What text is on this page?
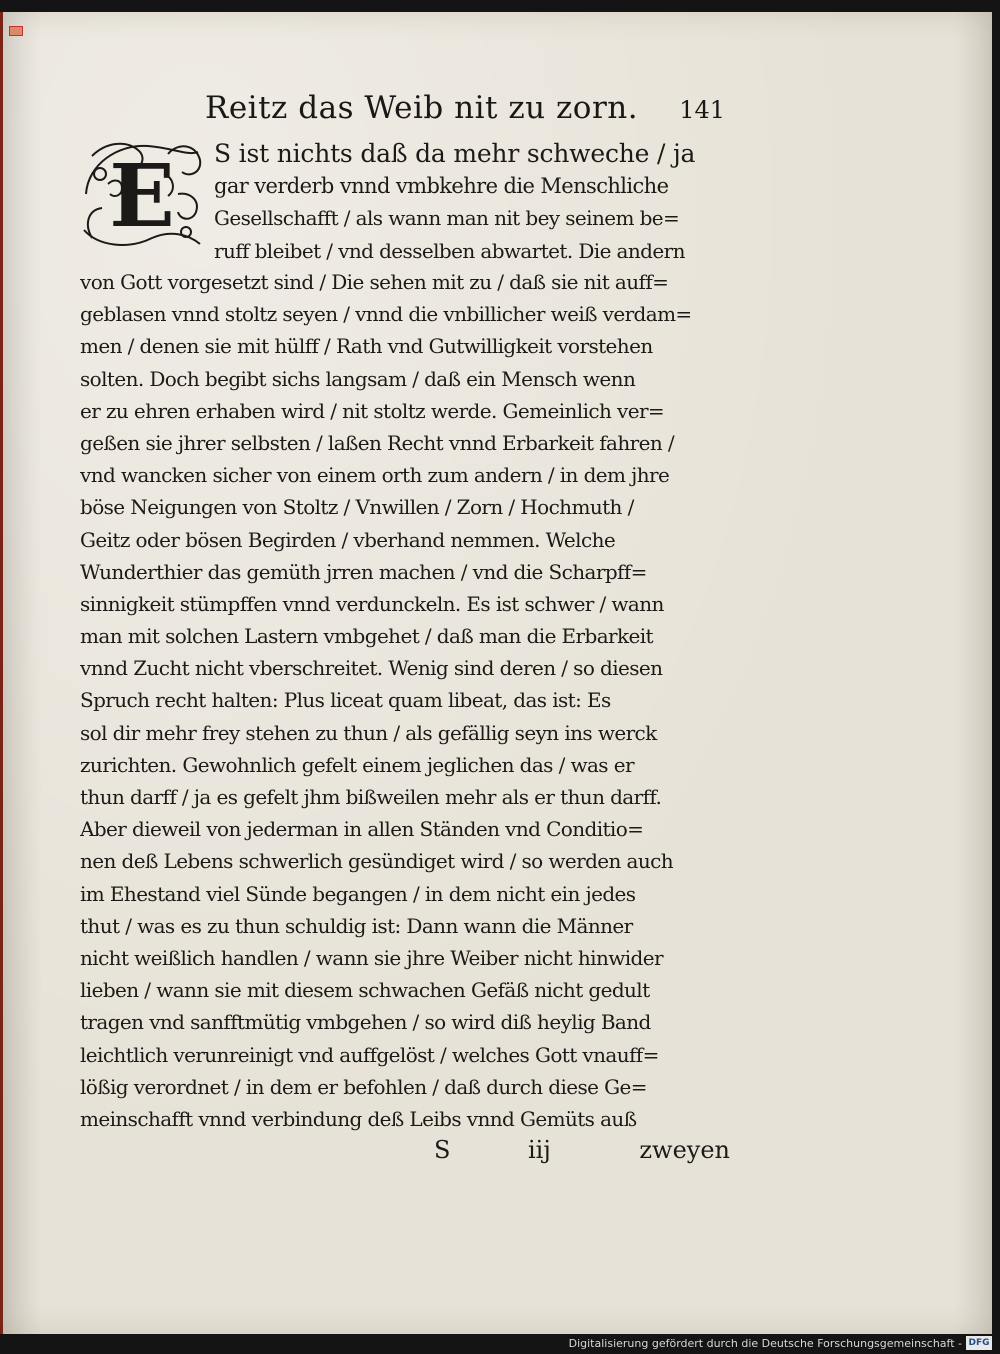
Reitz das Weib nit zu zorn. 141
E S ist nichts daß da mehr schweche / ja
gar verderb vnnd vmbkehre die Menschliche
Gesellschafft / als wann man nit bey seinem be=
ruff bleibet / vnd desselben abwartet. Die andern
von Gott vorgesetzt sind / Die sehen mit zu / daß sie nit auff=
geblasen vnnd stoltz seyen / vnnd die vnbillicher weiß verdam=
men / denen sie mit hülff / Rath vnd Gutwilligkeit vorstehen
solten. Doch begibt sichs langsam / daß ein Mensch wenn
er zu ehren erhaben wird / nit stoltz werde. Gemeinlich ver=
geßen sie jhrer selbsten / laßen Recht vnnd Erbarkeit fahren /
vnd wancken sicher von einem orth zum andern / in dem jhre
böse Neigungen von Stoltz / Vnwillen / Zorn / Hochmuth /
Geitz oder bösen Begirden / vberhand nemmen. Welche
Wunderthier das gemüth jrren machen / vnd die Scharpff=
sinnigkeit stümpffen vnnd verdunckeln. Es ist schwer / wann
man mit solchen Lastern vmbgehet / daß man die Erbarkeit
vnnd Zucht nicht vberschreitet. Wenig sind deren / so diesen
Spruch recht halten: Plus liceat quam libeat, das ist: Es
sol dir mehr frey stehen zu thun / als gefällig seyn ins werck
zurichten. Gewohnlich gefelt einem jeglichen das / was er
thun darff / ja es gefelt jhm bißweilen mehr als er thun darff.
Aber dieweil von jederman in allen Ständen vnd Conditio=
nen deß Lebens schwerlich gesündiget wird / so werden auch
im Ehestand viel Sünde begangen / in dem nicht ein jedes
thut / was es zu thun schuldig ist: Dann wann die Männer
nicht weißlich handlen / wann sie jhre Weiber nicht hinwider
lieben / wann sie mit diesem schwachen Gefäß nicht gedult
tragen vnd sanfftmütig vmbgehen / so wird diß heylig Band
leichtlich verunreinigt vnd auffgelöst / welches Gott vnauff=
lößig verordnet / in dem er befohlen / daß durch diese Ge=
meinschafft vnnd verbindung deß Leibs vnnd Gemüts auß
S	iij	zweyen
Digitalisierung gefördert durch die Deutsche Forschungsgemeinschaft - DFG
